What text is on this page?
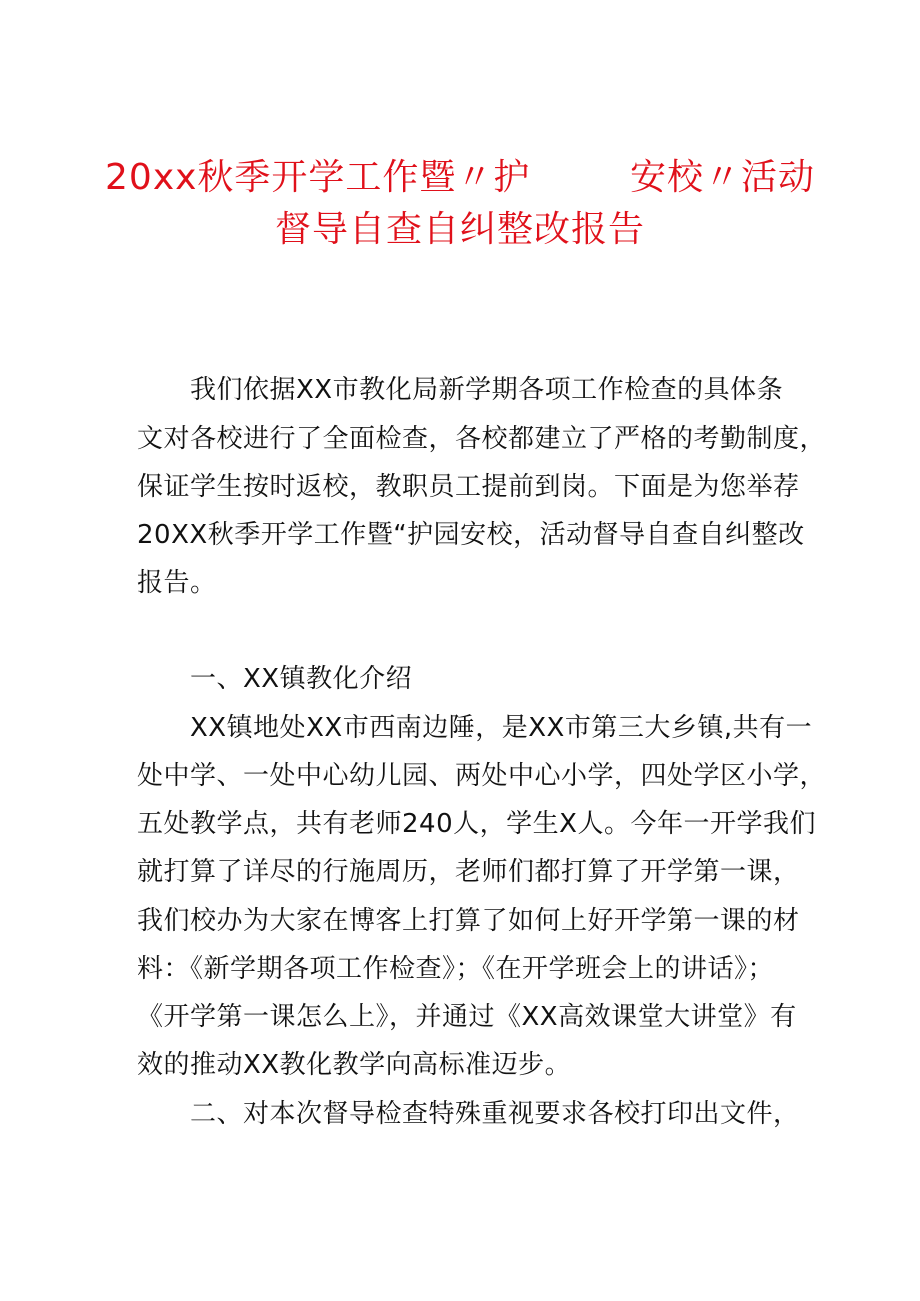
20xx秋季开学工作暨〃护        安校〃活动
督导自查自纠整改报告
我们依据XX市教化局新学期各项工作检查的具体条
文对各校进行了全面检查，各校都建立了严格的考勤制度，
保证学生按时返校，教职员工提前到岗。下面是为您举荐
20XX秋季开学工作暨“护园安校，活动督导自查自纠整改
报告。
一、XX镇教化介绍
XX镇地处XX市西南边陲，是XX市第三大乡镇,共有一
处中学、一处中心幼儿园、两处中心小学，四处学区小学，
五处教学点，共有老师240人，学生X人。今年一开学我们
就打算了详尽的行施周历，老师们都打算了开学第一课，
我们校办为大家在博客上打算了如何上好开学第一课的材
料：《新学期各项工作检查》；《在开学班会上的讲话》；
《开学第一课怎么上》，并通过《XX高效课堂大讲堂》有
效的推动XX教化教学向高标准迈步。
二、对本次督导检查特殊重视要求各校打印出文件，
